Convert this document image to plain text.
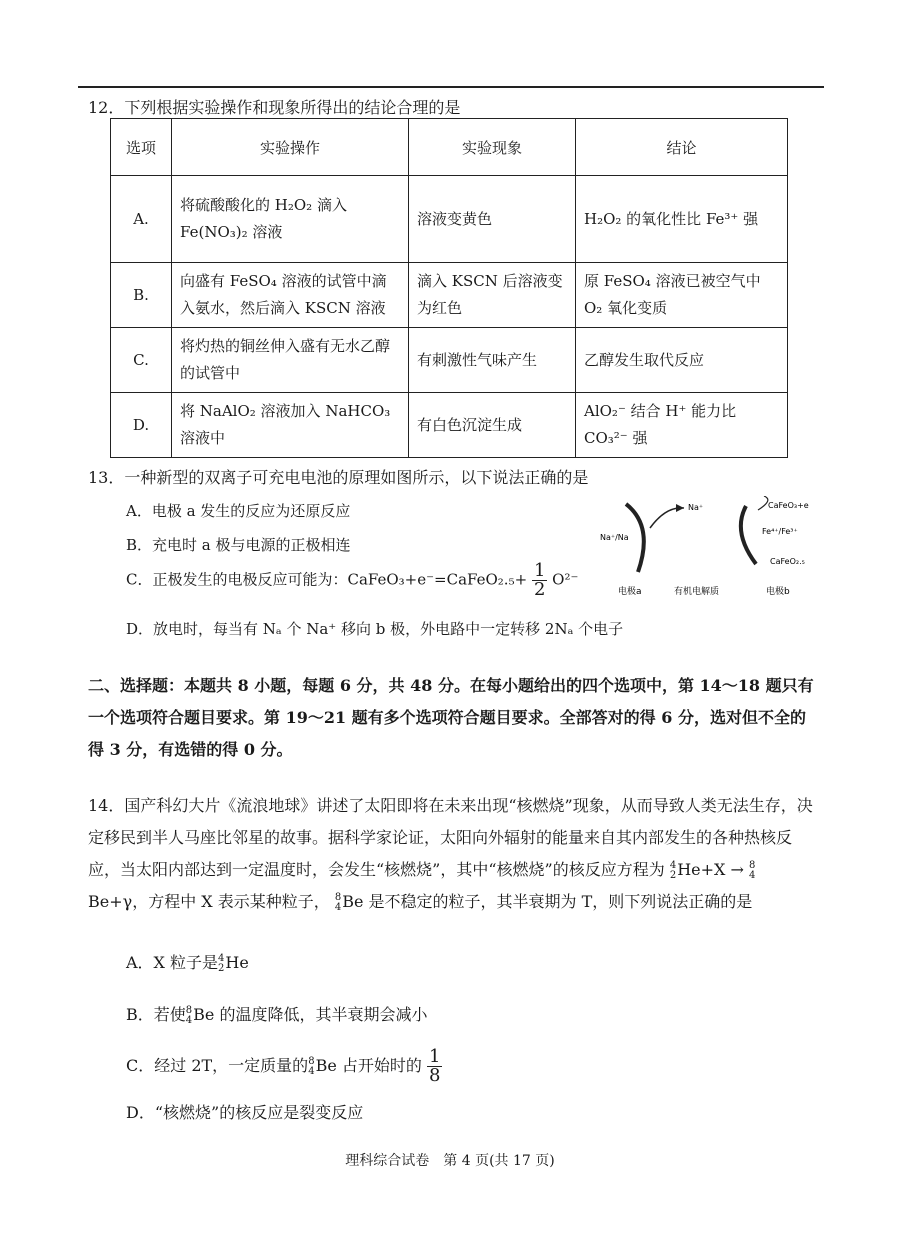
12．下列根据实验操作和现象所得出的结论合理的是
选项	实验操作	实验现象	结论
A.	将硫酸酸化的 H₂O₂ 滴入 Fe(NO₃)₂ 溶液	溶液变黄色	H₂O₂ 的氧化性比 Fe³⁺ 强
B.	向盛有 FeSO₄ 溶液的试管中滴入氨水，然后滴入 KSCN 溶液	滴入 KSCN 后溶液变为红色	原 FeSO₄ 溶液已被空气中 O₂ 氧化变质
C.	将灼热的铜丝伸入盛有无水乙醇的试管中	有刺激性气味产生	乙醇发生取代反应
D.	将 NaAlO₂ 溶液加入 NaHCO₃ 溶液中	有白色沉淀生成	AlO₂⁻ 结合 H⁺ 能力比 CO₃²⁻ 强
13．一种新型的双离子可充电电池的原理如图所示，以下说法正确的是
A．电极 a 发生的反应为还原反应
B．充电时 a 极与电源的正极相连
C．正极发生的电极反应可能为：CaFeO₃+e⁻=CaFeO₂.₅+ $\frac{1}{2} O^{2-}$
D．放电时，每当有 Nₐ 个 Na⁺ 移向 b 极，外电路中一定转移 2Nₐ 个电子
Na⁺
Na⁺/Na
CaFeO₃+e
Fe⁴⁺/Fe³⁺
CaFeO₂.₅
电极a	有机电解质	电极b
二、选择题：本题共 8 小题，每题 6 分，共 48 分。在每小题给出的四个选项中，第 14～18 题只有一个选项符合题目要求。第 19～21 题有多个选项符合题目要求。全部答对的得 6 分，选对但不全的得 3 分，有选错的得 0 分。
14．国产科幻大片《流浪地球》讲述了太阳即将在未来出现“核燃烧”现象，从而导致人类无法生存，决定移民到半人马座比邻星的故事。据科学家论证，太阳向外辐射的能量来自其内部发生的各种热核反应，当太阳内部达到一定温度时，会发生“核燃烧”，其中“核燃烧”的核反应方程为 4
2 He+X → 8
4
Be+γ，方程中 X 表示某种粒子， 8
4 Be 是不稳定的粒子，其半衰期为 T，则下列说法正确的是
A．X 粒子是 4
2 He
B．若使 8
4 Be 的温度降低，其半衰期会减小
C．经过 2T，一定质量的 8
4 Be 占开始时的 $\frac{1}{8}$
D．“核燃烧”的核反应是裂变反应
理科综合试卷　第 4 页(共 17 页)
